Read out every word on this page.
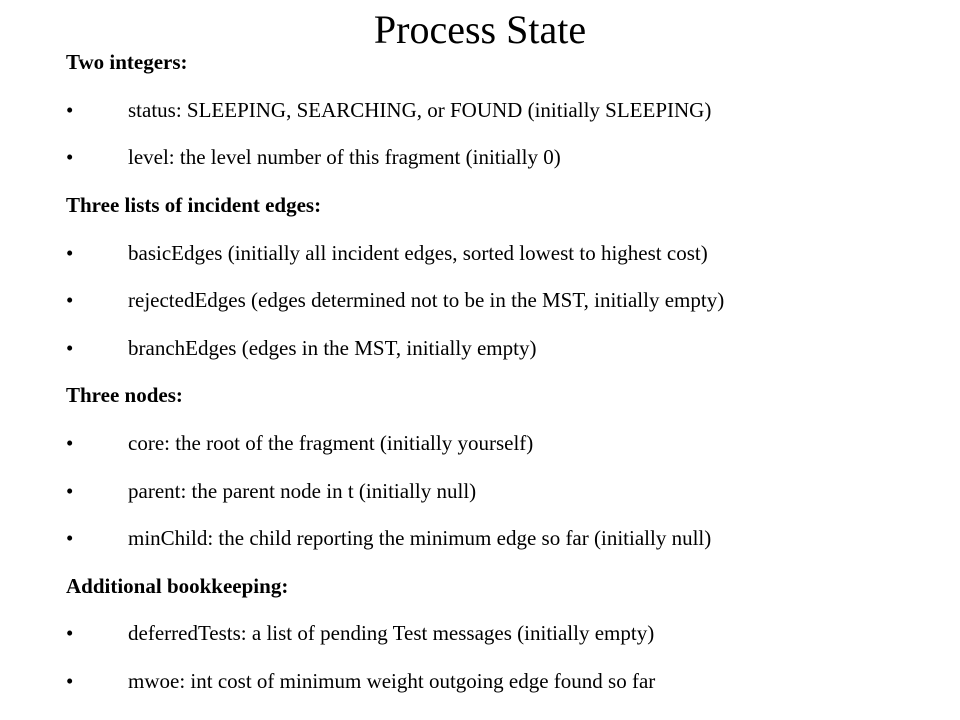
Process State
Two integers:
•	status: SLEEPING, SEARCHING, or FOUND (initially SLEEPING)
•	level: the level number of this fragment (initially 0)
Three lists of incident edges:
•	basicEdges (initially all incident edges, sorted lowest to highest cost)
•	rejectedEdges (edges determined not to be in the MST, initially empty)
•	branchEdges (edges in the MST, initially empty)
Three nodes:
•	core: the root of the fragment (initially yourself)
•	parent: the parent node in t (initially null)
•	minChild: the child reporting the minimum edge so far (initially null)
Additional bookkeeping:
•	deferredTests: a list of pending Test messages (initially empty)
•	mwoe: int cost of minimum weight outgoing edge found so far
